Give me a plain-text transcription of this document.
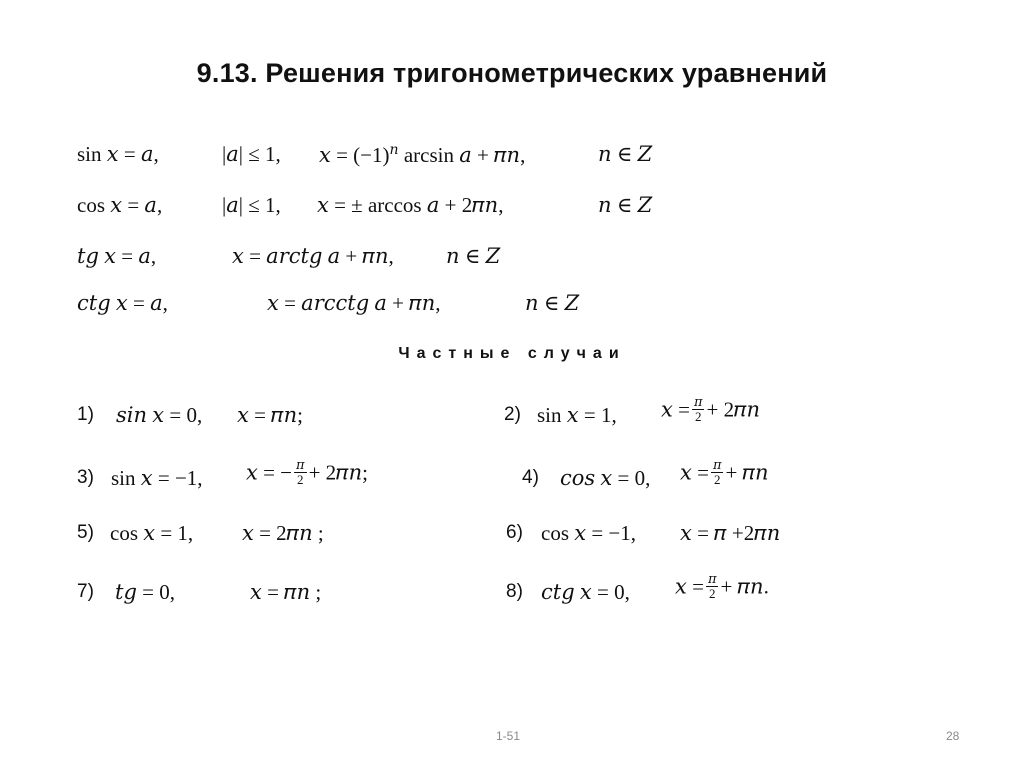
9.13. Решения тригонометрических уравнений
sin 𝑥 = 𝑎,	|𝑎| ≤ 1, 𝑥 = $(-1)^𝑛$ arcsin 𝑎 + 𝜋𝑛,	𝑛 ∈ 𝑍
cos 𝑥 = 𝑎,	|𝑎| ≤ 1, 𝑥 = ± arccos 𝑎 + 2𝜋𝑛,	𝑛 ∈ 𝑍
𝑡𝑔 𝑥 = 𝑎,	𝑥 = 𝑎𝑟𝑐𝑡𝑔 𝑎 + 𝜋𝑛, 𝑛 ∈ 𝑍
𝑐𝑡𝑔 𝑥 = 𝑎,	𝑥 = 𝑎𝑟𝑐𝑐𝑡𝑔 𝑎 + 𝜋𝑛,	𝑛 ∈ 𝑍
Частные случаи
1) 𝑠𝑖𝑛 𝑥 = 0, 𝑥 = 𝜋𝑛;
3) sin 𝑥 = −1, 𝑥 = − $\frac{\text{𝜋}}{2}$ + 2𝜋𝑛;
5) cos 𝑥 = 1, 𝑥 = 2𝜋𝑛 ;
7) 𝑡𝑔 = 0,	𝑥 = 𝜋𝑛 ;
2) sin 𝑥 = 1, 𝑥 = $\frac{\text{𝜋}}{2}$ + 2𝜋𝑛
4) 𝑐𝑜𝑠 𝑥 = 0, 𝑥 = $\frac{\text{𝜋}}{2}$ + 𝜋𝑛
6) cos 𝑥 = −1, 𝑥 = 𝜋 +2𝜋𝑛
8) 𝑐𝑡𝑔 𝑥 = 0, 𝑥 = $\frac{\text{𝜋}}{2}$ + 𝜋𝑛.
1-51	28
